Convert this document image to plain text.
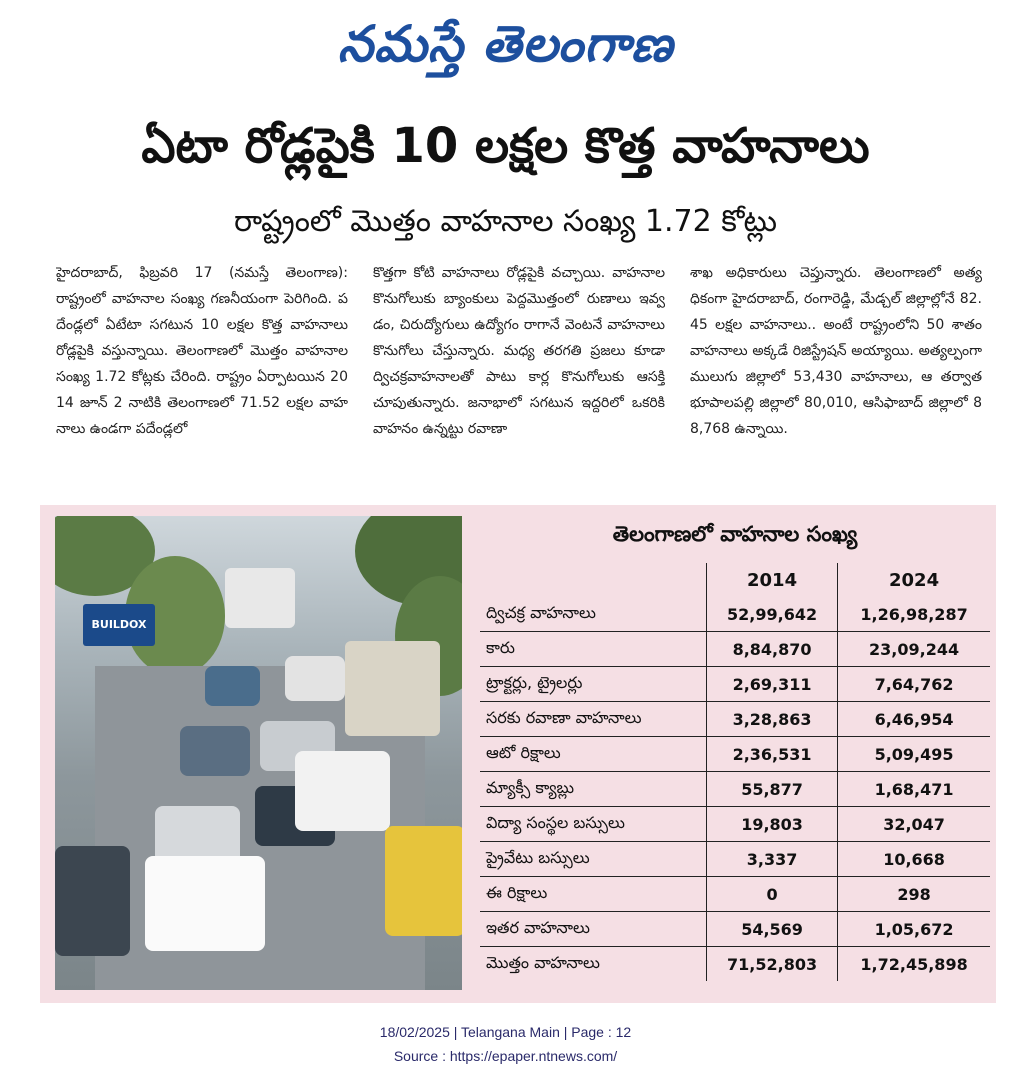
నమస్తే తెలంగాణ
ఏటా రోడ్లపైకి 10 లక్షల కొత్త వాహనాలు
రాష్ట్రంలో మొత్తం వాహనాల సంఖ్య 1.72 కోట్లు
హైదరాబాద్, ఫిబ్రవరి 17 (నమస్తే తెలంగాణ): రాష్ట్రంలో వాహనాల సంఖ్య గణనీయంగా పెరిగింది. పదేండ్లలో ఏటేటా సగటున 10 లక్షల కొత్త వాహనాలు రోడ్లపైకి వస్తున్నాయి. తెలంగాణలో మొత్తం వాహనాల సంఖ్య 1.72 కోట్లకు చేరింది. రాష్ట్రం ఏర్పాటయిన 2014 జూన్ 2 నాటికి తెలంగాణలో 71.52 లక్షల వాహనాలు ఉండగా పదేండ్లలో
కొత్తగా కోటి వాహనాలు రోడ్లపైకి వచ్చాయి. వాహనాల కొనుగోలుకు బ్యాంకులు పెద్దమొత్తంలో రుణాలు ఇవ్వడం, చిరుద్యోగులు ఉద్యోగం రాగానే వెంటనే వాహనాలు కొనుగోలు చేస్తున్నారు. మధ్య తరగతి ప్రజలు కూడా ద్విచక్రవాహనాలతో పాటు కార్ల కొనుగోలుకు ఆసక్తి చూపుతున్నారు. జనాభాలో సగటున ఇద్దరిలో ఒకరికి వాహనం ఉన్నట్టు రవాణా
శాఖ అధికారులు చెప్తున్నారు. తెలంగాణలో అత్యధికంగా హైదరాబాద్, రంగారెడ్డి, మేడ్చల్ జిల్లాల్లోనే 82.45 లక్షల వాహనాలు.. అంటే రాష్ట్రంలోని 50 శాతం వాహనాలు అక్కడే రిజిస్ట్రేషన్ అయ్యాయి. అత్యల్పంగా ములుగు జిల్లాలో 53,430 వాహనాలు, ఆ తర్వాత భూపాలపల్లి జిల్లాలో 80,010, ఆసిఫాబాద్ జిల్లాలో 88,768 ఉన్నాయి.
BUILDOX
తెలంగాణలో వాహనాల సంఖ్య
	2014	2024
ద్విచక్ర వాహనాలు	52,99,642	1,26,98,287
కారు	8,84,870	23,09,244
ట్రాక్టర్లు, ట్రైలర్లు	2,69,311	7,64,762
సరకు రవాణా వాహనాలు	3,28,863	6,46,954
ఆటో రిక్షాలు	2,36,531	5,09,495
మ్యాక్సీ క్యాబ్లు	55,877	1,68,471
విద్యా సంస్థల బస్సులు	19,803	32,047
ప్రైవేటు బస్సులు	3,337	10,668
ఈ రిక్షాలు	0	298
ఇతర వాహనాలు	54,569	1,05,672
మొత్తం వాహనాలు	71,52,803	1,72,45,898
18/02/2025 | Telangana Main | Page : 12
Source : https://epaper.ntnews.com/
